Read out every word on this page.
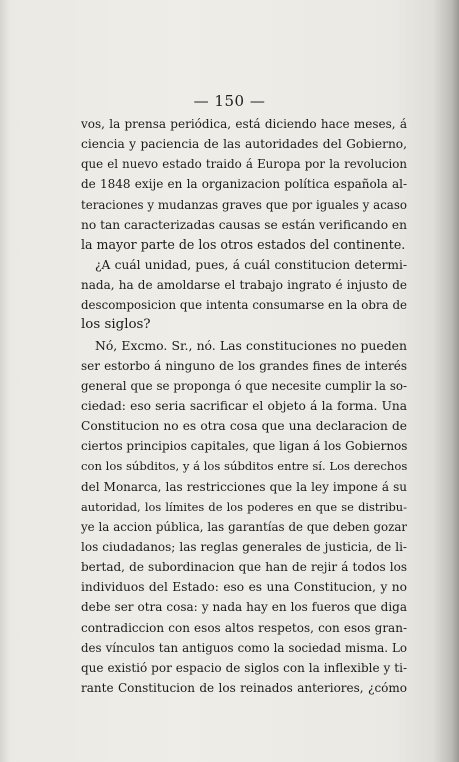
— 150 —
vos, la prensa periódica, está diciendo hace meses, á
ciencia y paciencia de las autoridades del Gobierno,
que el nuevo estado traido á Europa por la revolucion
de 1848 exije en la organizacion política española al-
teraciones y mudanzas graves que por iguales y acaso
no tan caracterizadas causas se están verificando en
la mayor parte de los otros estados del continente.
¿A cuál unidad, pues, á cuál constitucion determi-
nada, ha de amoldarse el trabajo ingrato é injusto de
descomposicion que intenta consumarse en la obra de
los siglos?
Nó, Excmo. Sr., nó. Las constituciones no pueden
ser estorbo á ninguno de los grandes fines de interés
general que se proponga ó que necesite cumplir la so-
ciedad: eso seria sacrificar el objeto á la forma. Una
Constitucion no es otra cosa que una declaracion de
ciertos principios capitales, que ligan á los Gobiernos
con los súbditos, y á los súbditos entre sí. Los derechos
del Monarca, las restricciones que la ley impone á su
autoridad, los límites de los poderes en que se distribu-
ye la accion pública, las garantías de que deben gozar
los ciudadanos; las reglas generales de justicia, de li-
bertad, de subordinacion que han de rejir á todos los
individuos del Estado: eso es una Constitucion, y no
debe ser otra cosa: y nada hay en los fueros que diga
contradiccion con esos altos respetos, con esos gran-
des vínculos tan antiguos como la sociedad misma. Lo
que existió por espacio de siglos con la inflexible y ti-
rante Constitucion de los reinados anteriores, ¿cómo
